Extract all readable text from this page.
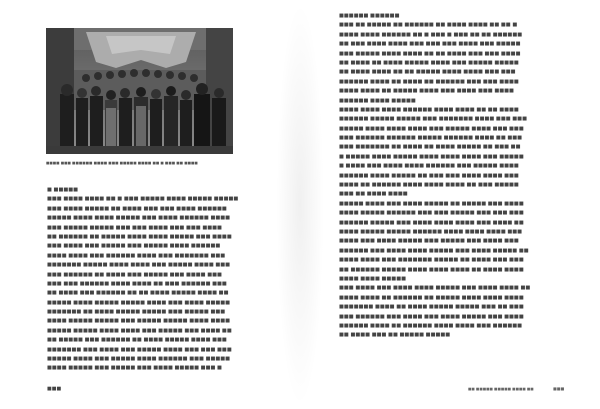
■■■■ ■■■ ■■■■■■ ■■■■ ■■■ ■■■■■ ■■■■ ■■ ■ ■■■ ■■ ■■■■
■ ■■■■■
■■■ ■■■■ ■■■■ ■■ ■ ■■■ ■■■■■ ■■■■ ■■■■■ ■■■■■
■■■ ■■■■ ■■■■■ ■■ ■■■■ ■■■ ■■■ ■■■■ ■■■■■■
■■■■■ ■■■■ ■■■■ ■■■■■ ■■■ ■■■■ ■■■■■■ ■■■■
■■■ ■■■■■ ■■■■■ ■■■ ■■■ ■■■■ ■■■ ■■■ ■■■■
■■ ■■■■■■ ■■ ■■■■■ ■■■■ ■■■■ ■■■■■ ■■■ ■■■■
■■■ ■■■■ ■■■ ■■■■■ ■■■ ■■■■■ ■■■■ ■■■■■■
■■■■ ■■■■ ■■■ ■■■■■■ ■■■■ ■■■ ■■■■■■■ ■■■
■■■■■■■ ■■■■■ ■■■■ ■■■■ ■■■ ■■■■■ ■■■■ ■■■
■■■ ■■■■■■ ■■ ■■■■ ■■■ ■■■■■ ■■■ ■■■■ ■■■
■■■ ■■■ ■■■■■■ ■■■■ ■■■■ ■■ ■■■ ■■■■■■ ■■■
■■ ■■■■ ■■■ ■■■■■■ ■■ ■■ ■■■■ ■■■■■ ■■■■ ■■
■■■■■ ■■■■ ■■■■■ ■■■■■ ■■■■ ■■■ ■■■■ ■■■■■
■■■■■■■ ■■ ■■■■ ■■■■■ ■■■■■ ■■■ ■■■■■ ■■■
■■■■ ■■■■■ ■■■■■ ■■■ ■■■■■ ■■■■■ ■■■■ ■■■■
■■■■■ ■■■■■ ■■■■ ■■■■ ■■■ ■■■■■ ■■■ ■■■■ ■■
■■ ■■■■■ ■■■ ■■■■■■ ■■ ■■■■ ■■■■■ ■■■■ ■■■
■■■■■■■ ■■■ ■■■■ ■■■ ■■■■■ ■■■■ ■■■ ■■■ ■■■
■■■■■ ■■■■ ■■■ ■■■■■ ■■■■ ■■■■■■ ■■■ ■■■■■
■■■■ ■■■■■ ■■■ ■■■■■ ■■■ ■■■■ ■■■■■ ■■■ ■
■■■
■■■■■■ ■■■■■■
■■■ ■■ ■■■■■ ■■ ■■■■■■ ■■ ■■■■ ■■■■ ■■ ■■ ■
■■■■ ■■■■ ■■■■■■ ■■ ■ ■■■ ■ ■■■ ■■ ■■ ■■■■■■
■■ ■■■ ■■■■ ■■■■ ■■■ ■■■ ■■■ ■■■■ ■■■ ■■■■■
■■■ ■■■■■ ■■■■ ■■■■ ■■ ■■ ■■■■ ■■■ ■■■ ■■■■
■■ ■■■■ ■■ ■■■■ ■■■■■ ■■■■ ■■■ ■■■■■ ■■■■■
■■ ■■■■ ■■■■ ■■ ■■ ■■■■■ ■■■■ ■■■■ ■■■ ■■■
■■■■■■ ■■■■ ■■ ■■■■ ■■ ■■■■■■ ■■■ ■■■ ■■■■
■■■■ ■■■■ ■■ ■■■■■ ■■■■ ■■■ ■■■■ ■■■ ■■■■
■■■■■■ ■■■■ ■■■■■
■■■■ ■■■■ ■■■■ ■■■■■■ ■■■■ ■■■■ ■■ ■■ ■■■■
■■■■■■ ■■■■■ ■■■■■ ■■■ ■■■■■■■ ■■■■ ■■■ ■■■
■■■■■ ■■■■ ■■■■ ■■■■ ■■■ ■■■■■ ■■■■ ■■■ ■■■
■■■ ■■■■■■ ■■■■■■ ■■■■■ ■■■■■■ ■■■■ ■■ ■■■
■■■ ■■■■■■■ ■■ ■■■■ ■■ ■■■■ ■■■■■ ■■ ■■■ ■■
■ ■■■■■ ■■■■ ■■■■■ ■■■■ ■■■■ ■■■■ ■■■ ■■■■■
■ ■■■■ ■■■ ■■■■ ■■■■ ■■■■■■ ■■■ ■■■■■ ■■■■
■■■■■■ ■■■■ ■■■■■ ■■ ■■■ ■■■ ■■■■ ■■■■ ■■■
■■■■ ■■ ■■■■■■ ■■■■ ■■■■ ■■■■ ■■ ■■■ ■■■■■
■■■ ■■ ■■■■ ■■■■
■■■■■ ■■■■ ■■■ ■■■■ ■■■■■ ■■ ■■■■■ ■■■ ■■■■
■■■■ ■■■■■ ■■■■■■ ■■■ ■■■ ■■■■■ ■■■ ■■■ ■■■
■■■■■■ ■■■■■ ■■■ ■■■■ ■■■■ ■■■■ ■■■ ■■■■ ■■
■■■■ ■■■■■ ■■■■■ ■■■■■■ ■■■■ ■■■■ ■■■■ ■■■
■■■■ ■■■ ■■■■ ■■■■■ ■■■ ■■■■■ ■■■ ■■■■ ■■■
■■■■■■ ■■■ ■■■■ ■■■■ ■■■■■ ■■■ ■■■■ ■■■■■ ■■
■■■■ ■■■■ ■■■ ■■■■■■■ ■■■■■ ■■ ■■■■ ■■■ ■■■
■■ ■■■■■■ ■■■■■ ■■■■ ■■■■ ■■■■ ■■ ■■■■ ■■■■
■■■■ ■■■■ ■■■■■
■■■ ■■■■ ■■■ ■■■■ ■■■■ ■■■■■ ■■■ ■■■■ ■■■■ ■■
■■■■ ■■■■ ■■ ■■■■■■ ■■ ■■■■■ ■■■■ ■■■■ ■■■■
■■■■■■■ ■■■■ ■■ ■■■■ ■■■■■ ■■■■■ ■■■ ■■ ■■■
■■■ ■■■■■■ ■■■ ■■■■ ■■■ ■■■■ ■■■■■ ■■■ ■■■■
■■■■■■ ■■■■ ■■ ■■■■■■ ■■■■ ■■■■ ■■■ ■■■■■■
■■ ■■■■ ■■■ ■■ ■■■■■ ■■■■■
■■ ■■■■■ ■■■■■ ■■■■ ■■	■■■
